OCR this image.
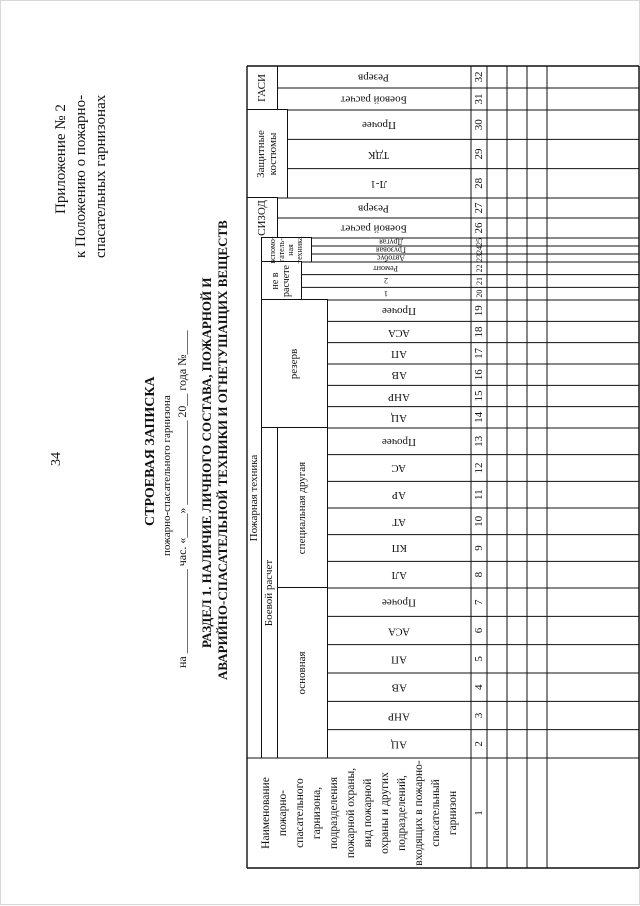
34
Приложение № 2 к Положению о пожарно- спасательных гарнизонах
СТРОЕВАЯ ЗАПИСКА пожарно-спасательного гарнизона на ______________ час. «____» ______________ 20__ года №____ РАЗДЕЛ 1. НАЛИЧИЕ ЛИЧНОГО СОСТАВА, ПОЖАРНОЙ И АВАРИЙНО-СПАСАТЕЛЬНОЙ ТЕХНИКИ И ОГНЕТУШАЩИХ ВЕЩЕСТВ
Наименование пожарно-спасательного гарнизона, подразделения пожарной охраны, вид пожарной охраны и других подразделений, входящих в пожарно-спасательный гарнизон
Пожарная техника
Боевой расчет
основная
специальная другая
резерв
не в расчете
вспомо-гатель-ная техника
СИЗОД
Защитные костюмы
ГАСИ
АЦ
АНР
АВ
АП
АСА
Прочее
АЛ
КП
АТ
АР
АС
Прочее
АЦ
АНР
АВ
АП
АСА
Прочее
1
2
Ремонт
Автобус
Грузовая
Другая
Боевой расчет
Резерв
Л-1
ТДК
Прочее
Боевой расчет
Резерв
2
3
4
5
6
7
8
9
10
11
12
13
14
15
16
17
18
19
20
21
22
23
24
25
26
27
28
29
30
31
32
1
